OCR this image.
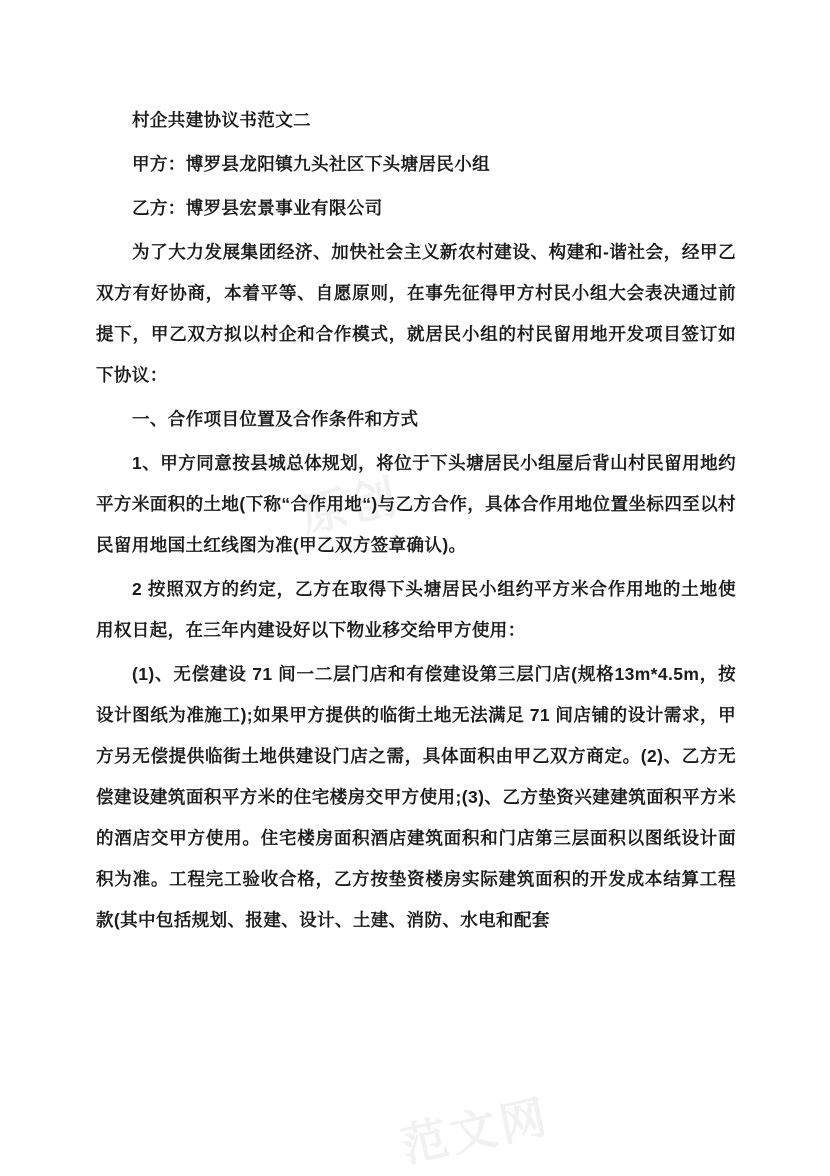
原创
范文网

村企共建协议书范文二

甲方：博罗县龙阳镇九头社区下头塘居民小组

乙方：博罗县宏景事业有限公司

为了大力发展集团经济、加快社会主义新农村建设、构建和-谐社会，经甲乙双方有好协商，本着平等、自愿原则，在事先征得甲方村民小组大会表决通过前提下，甲乙双方拟以村企和合作模式，就居民小组的村民留用地开发项目签订如下协议：

一、合作项目位置及合作条件和方式

1、甲方同意按县城总体规划，将位于下头塘居民小组屋后背山村民留用地约平方米面积的土地(下称“合作用地“)与乙方合作，具体合作用地位置坐标四至以村民留用地国土红线图为准(甲乙双方签章确认)。

2 按照双方的约定，乙方在取得下头塘居民小组约平方米合作用地的土地使用权日起，在三年内建设好以下物业移交给甲方使用：

(1)、无偿建设 71 间一二层门店和有偿建设第三层门店(规格13m*4.5m，按设计图纸为准施工);如果甲方提供的临街土地无法满足 71 间店铺的设计需求，甲方另无偿提供临街土地供建设门店之需，具体面积由甲乙双方商定。(2)、乙方无偿建设建筑面积平方米的住宅楼房交甲方使用;(3)、乙方垫资兴建建筑面积平方米的酒店交甲方使用。住宅楼房面积酒店建筑面积和门店第三层面积以图纸设计面积为准。工程完工验收合格，乙方按垫资楼房实际建筑面积的开发成本结算工程款(其中包括规划、报建、设计、土建、消防、水电和配套
